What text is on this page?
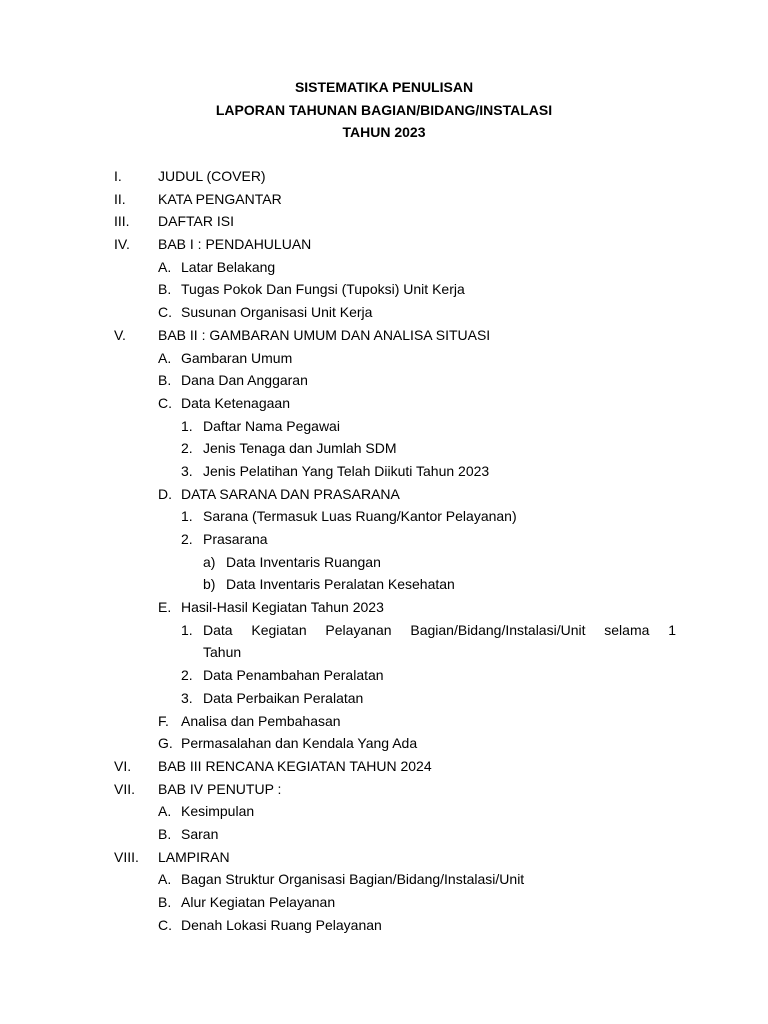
SISTEMATIKA PENULISAN
LAPORAN TAHUNAN BAGIAN/BIDANG/INSTALASI
TAHUN 2023
I.	JUDUL (COVER)
II. KATA PENGANTAR
III. DAFTAR ISI
IV. BAB I : PENDAHULUAN
A. Latar Belakang
B. Tugas Pokok Dan Fungsi (Tupoksi) Unit Kerja
C. Susunan Organisasi Unit Kerja
V. BAB II : GAMBARAN UMUM DAN ANALISA SITUASI
A. Gambaran Umum
B. Dana Dan Anggaran
C. Data Ketenagaan
1. Daftar Nama Pegawai
2. Jenis Tenaga dan Jumlah SDM
3. Jenis Pelatihan Yang Telah Diikuti Tahun 2023
D. DATA SARANA DAN PRASARANA
1. Sarana (Termasuk Luas Ruang/Kantor Pelayanan)
2. Prasarana
a) Data Inventaris Ruangan
b) Data Inventaris Peralatan Kesehatan
E. Hasil-Hasil Kegiatan Tahun 2023
1. Data Kegiatan Pelayanan Bagian/Bidang/Instalasi/Unit selama 1
Tahun
2. Data Penambahan Peralatan
3. Data Perbaikan Peralatan
F. Analisa dan Pembahasan
G. Permasalahan dan Kendala Yang Ada
VI. BAB III RENCANA KEGIATAN TAHUN 2024
VII. BAB IV PENUTUP :
A. Kesimpulan
B. Saran
VIII. LAMPIRAN
A. Bagan Struktur Organisasi Bagian/Bidang/Instalasi/Unit
B. Alur Kegiatan Pelayanan
C. Denah Lokasi Ruang Pelayanan
